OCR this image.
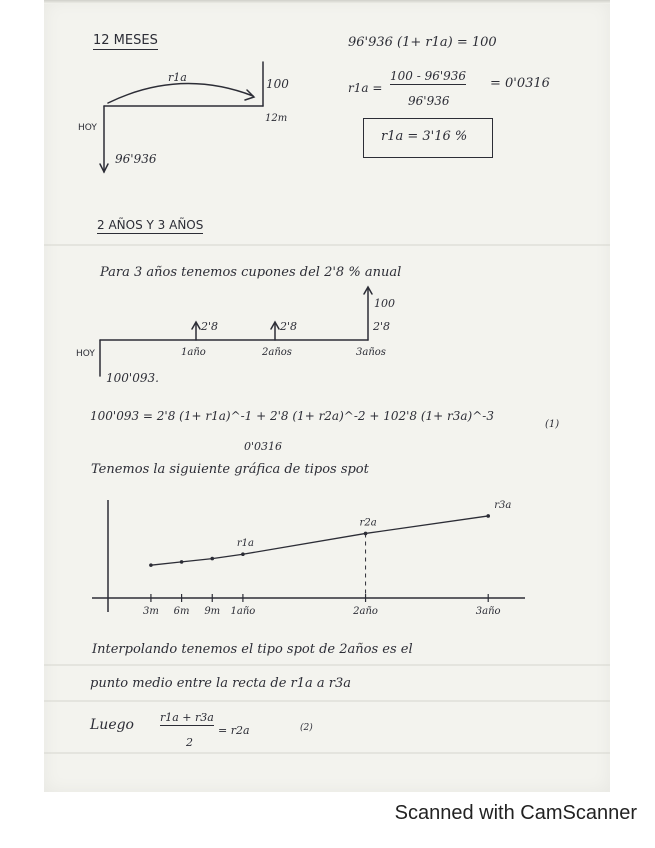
r1a
r2a
r3a
3m 6m 9m 1año	2año	3año
12 MESES
r1a	100
12m
HOY
96'936
96'936 (1+ r1a) = 100
r1a =
100 - 96'936
96'936
= 0'0316
r1a = 3'16 %
2 AÑOS Y 3 AÑOS
Para 3 años tenemos cupones del 2'8 % anual
100
2'8	2'8	2'8
1año	2años	3años
HOY
100'093.
100'093 = 2'8 (1+ r1a)^-1 + 2'8 (1+ r2a)^-2 + 102'8 (1+ r3a)^-3
(1)
0'0316
Tenemos la siguiente gráfica de tipos spot
Interpolando tenemos el tipo spot de 2años es el
punto medio entre la recta de r1a a r3a
Luego r1a + r3a
2
= r2a	(2)
Scanned with CamScanner
